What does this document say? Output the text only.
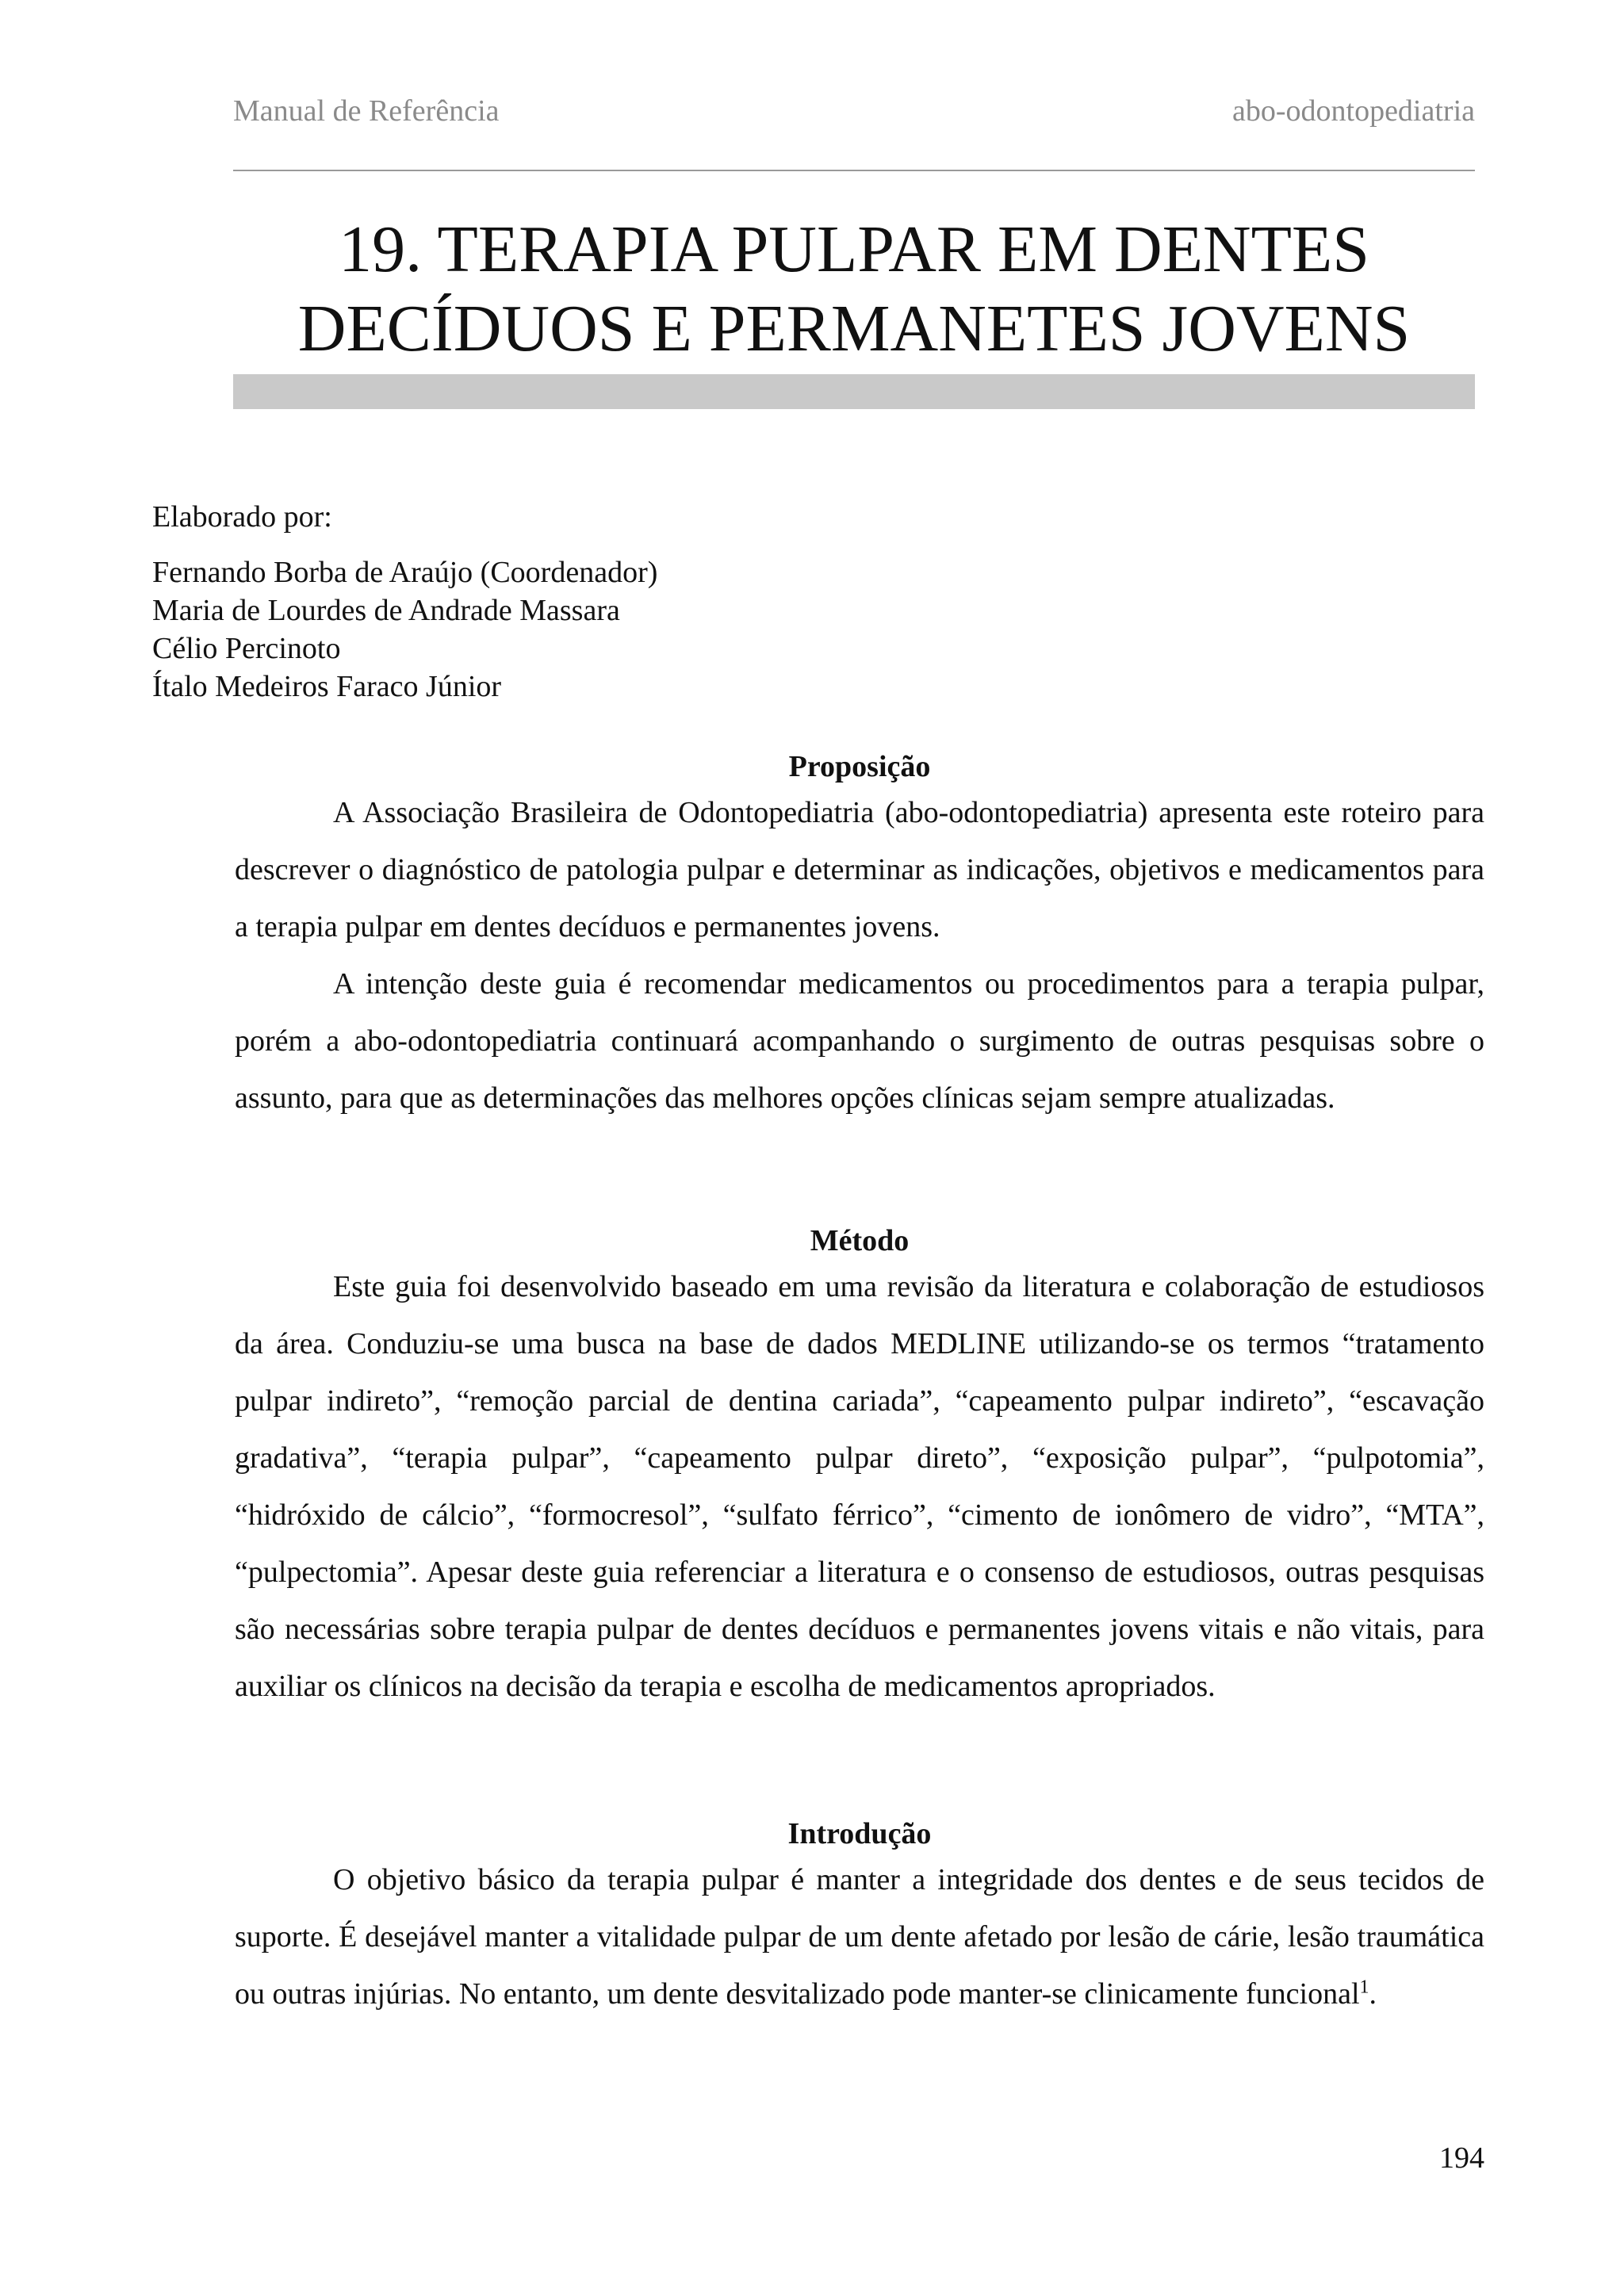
Manual de Referência	abo-odontopediatria
19. TERAPIA PULPAR EM DENTES
DECÍDUOS E PERMANETES JOVENS
Elaborado por:
Fernando Borba de Araújo (Coordenador)
Maria de Lourdes de Andrade Massara
Célio Percinoto
Ítalo Medeiros Faraco Júnior
Proposição

A Associação Brasileira de Odontopediatria (abo-odontopediatria) apresenta este roteiro para descrever o diagnóstico de patologia pulpar e determinar as indicações, objetivos e medicamentos para a terapia pulpar em dentes decíduos e permanentes jovens.

A intenção deste guia é recomendar medicamentos ou procedimentos para a terapia pulpar, porém a abo-odontopediatria continuará acompanhando o surgimento de outras pesquisas sobre o assunto, para que as determinações das melhores opções clínicas sejam sempre atualizadas.

Método

Este guia foi desenvolvido baseado em uma revisão da literatura e colaboração de estudiosos da área. Conduziu-se uma busca na base de dados MEDLINE utilizando-se os termos “tratamento pulpar indireto”, “remoção parcial de dentina cariada”, “capeamento pulpar indireto”, “escavação gradativa”, “terapia pulpar”, “capeamento pulpar direto”, “exposição pulpar”, “pulpotomia”, “hidróxido de cálcio”, “formocresol”, “sulfato férrico”, “cimento de ionômero de vidro”, “MTA”, “pulpectomia”. Apesar deste guia referenciar a literatura e o consenso de estudiosos, outras pesquisas são necessárias sobre terapia pulpar de dentes decíduos e permanentes jovens vitais e não vitais, para auxiliar os clínicos na decisão da terapia e escolha de medicamentos apropriados.

Introdução

O objetivo básico da terapia pulpar é manter a integridade dos dentes e de seus tecidos de suporte. É desejável manter a vitalidade pulpar de um dente afetado por lesão de cárie, lesão traumática ou outras injúrias. No entanto, um dente desvitalizado pode manter-se clinicamente funcional$^1$.

194
